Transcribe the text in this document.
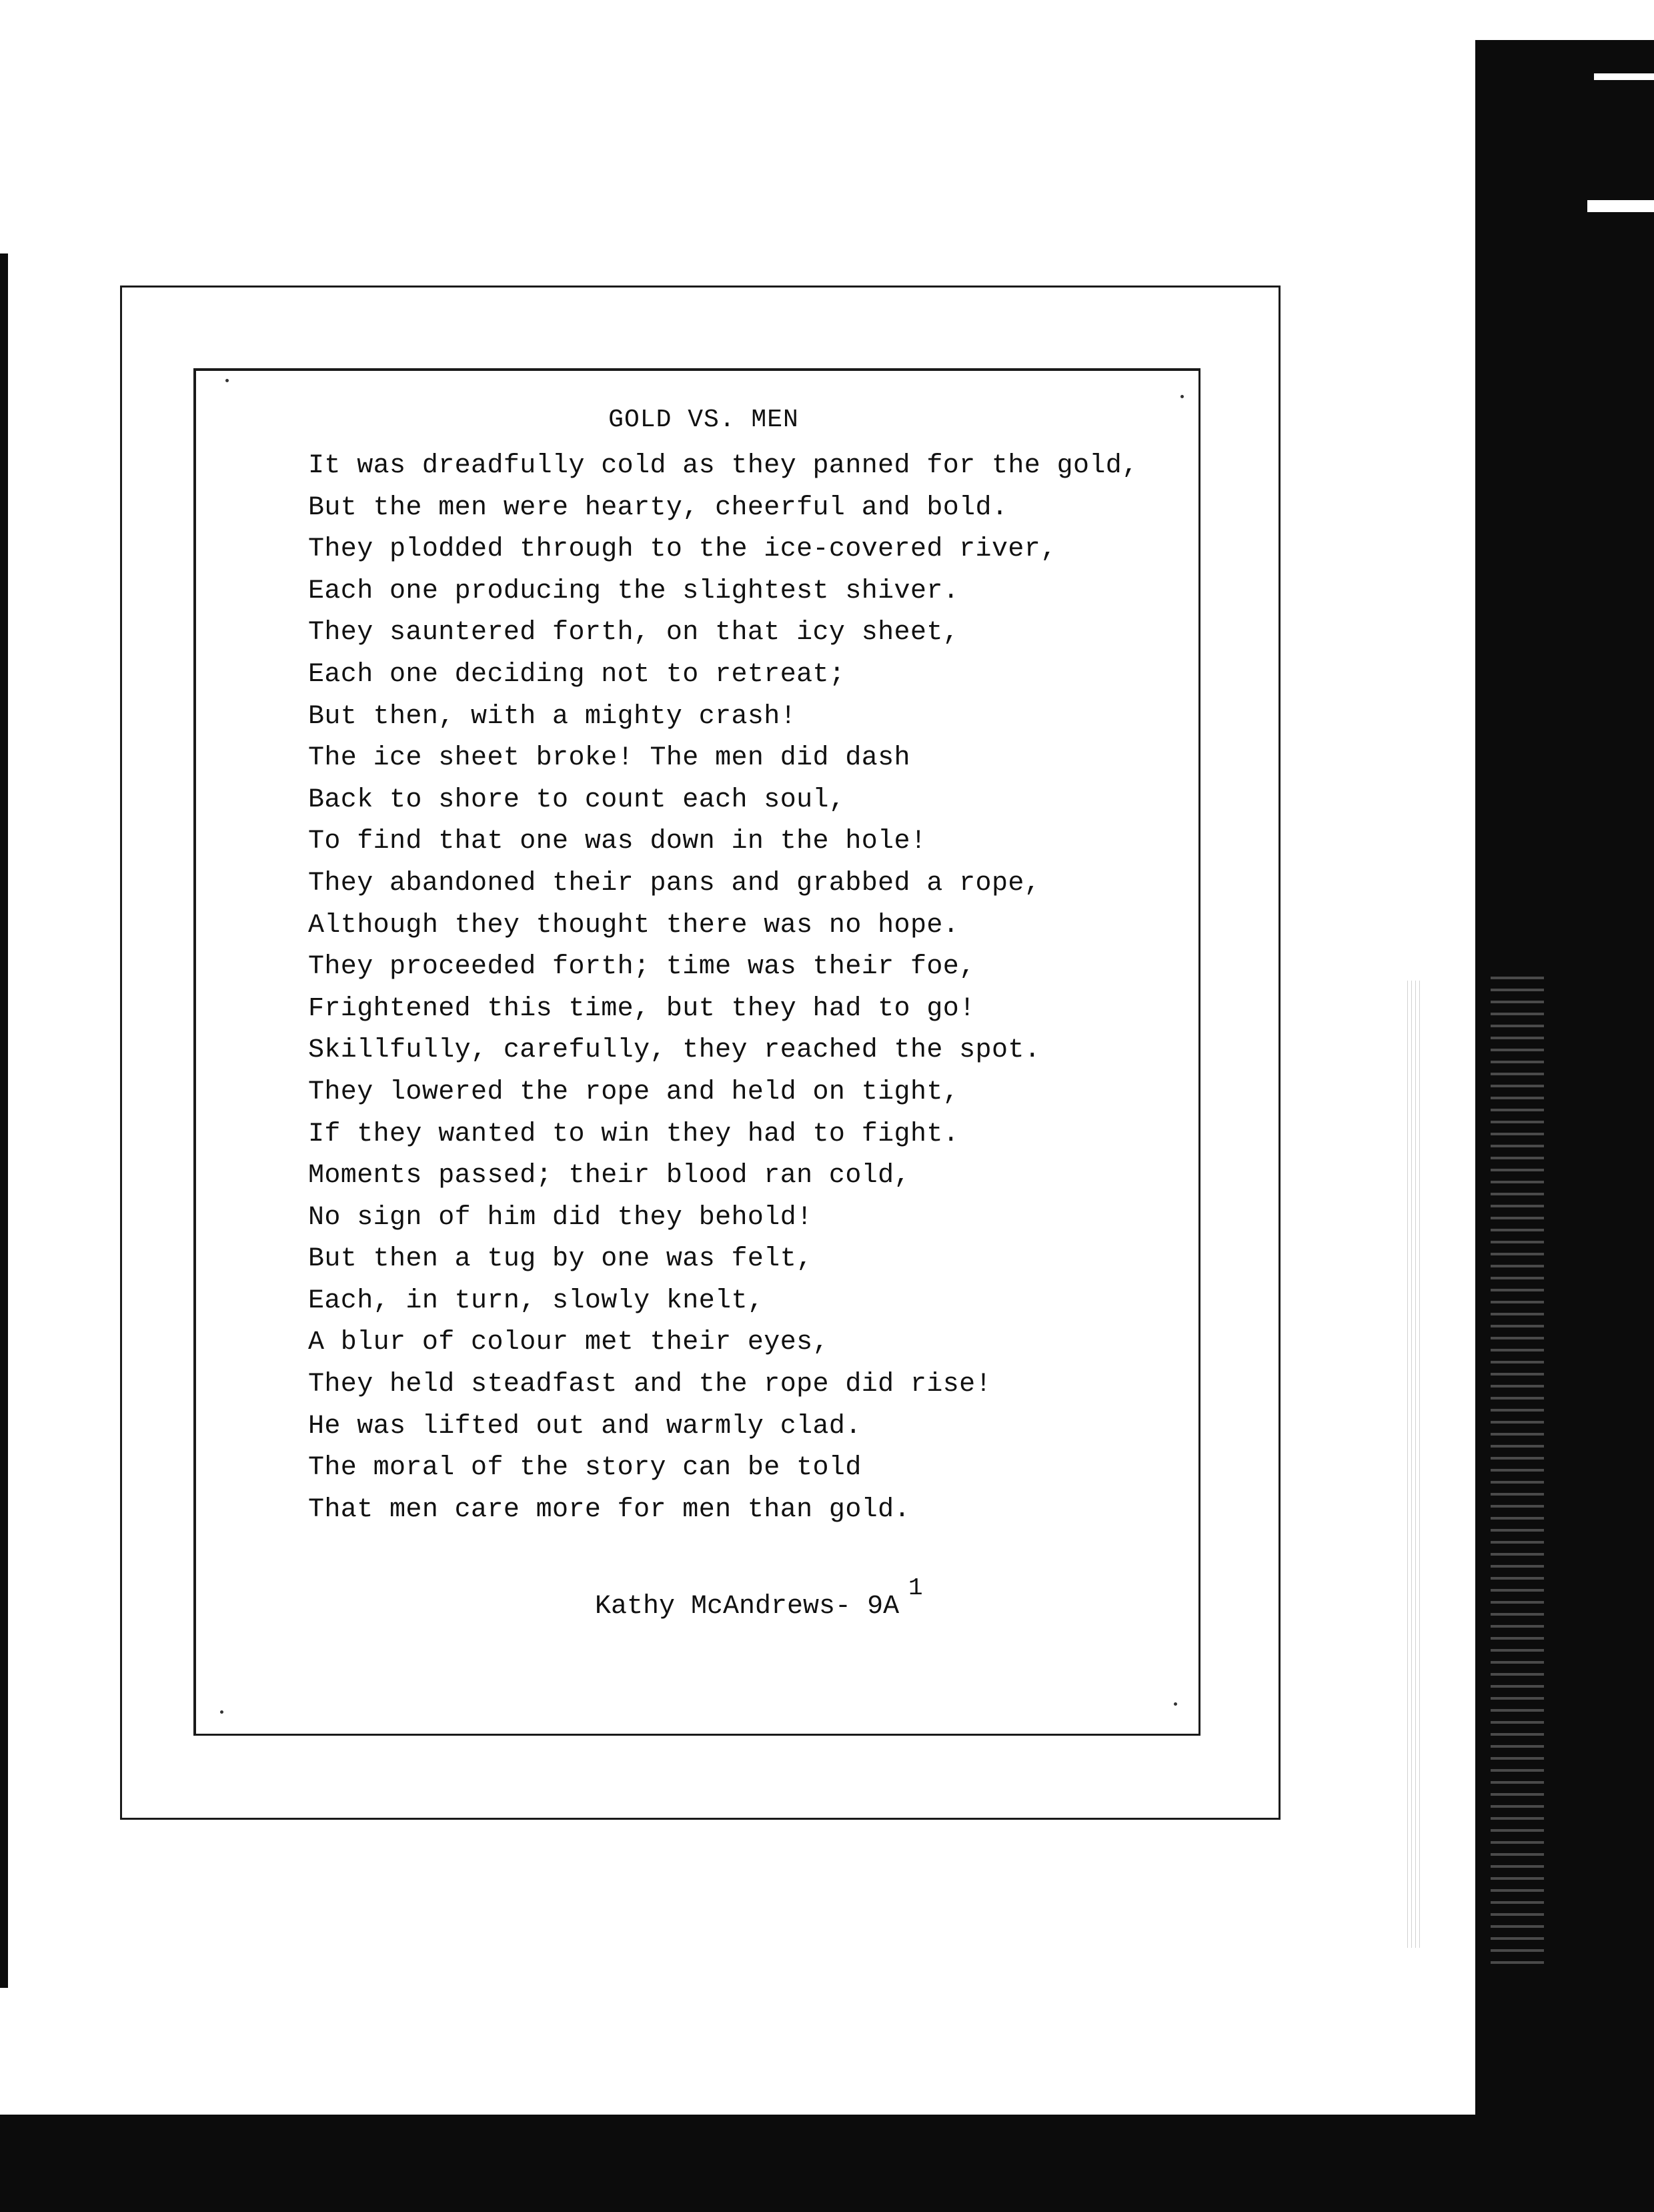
GOLD VS. MEN
It was dreadfully cold as they panned for the gold,
But the men were hearty, cheerful and bold.
They plodded through to the ice-covered river,
Each one producing the slightest shiver.
They sauntered forth, on that icy sheet,
Each one deciding not to retreat;
But then, with a mighty crash!
The ice sheet broke! The men did dash
Back to shore to count each soul,
To find that one was down in the hole!
They abandoned their pans and grabbed a rope,
Although they thought there was no hope.
They proceeded forth; time was their foe,
Frightened this time, but they had to go!
Skillfully, carefully, they reached the spot.
They lowered the rope and held on tight,
If they wanted to win they had to fight.
Moments passed; their blood ran cold,
No sign of him did they behold!
But then a tug by one was felt,
Each, in turn, slowly knelt,
A blur of colour met their eyes,
They held steadfast and the rope did rise!
He was lifted out and warmly clad.
The moral of the story can be told
That men care more for men than gold.
Kathy McAndrews- 9A
1
